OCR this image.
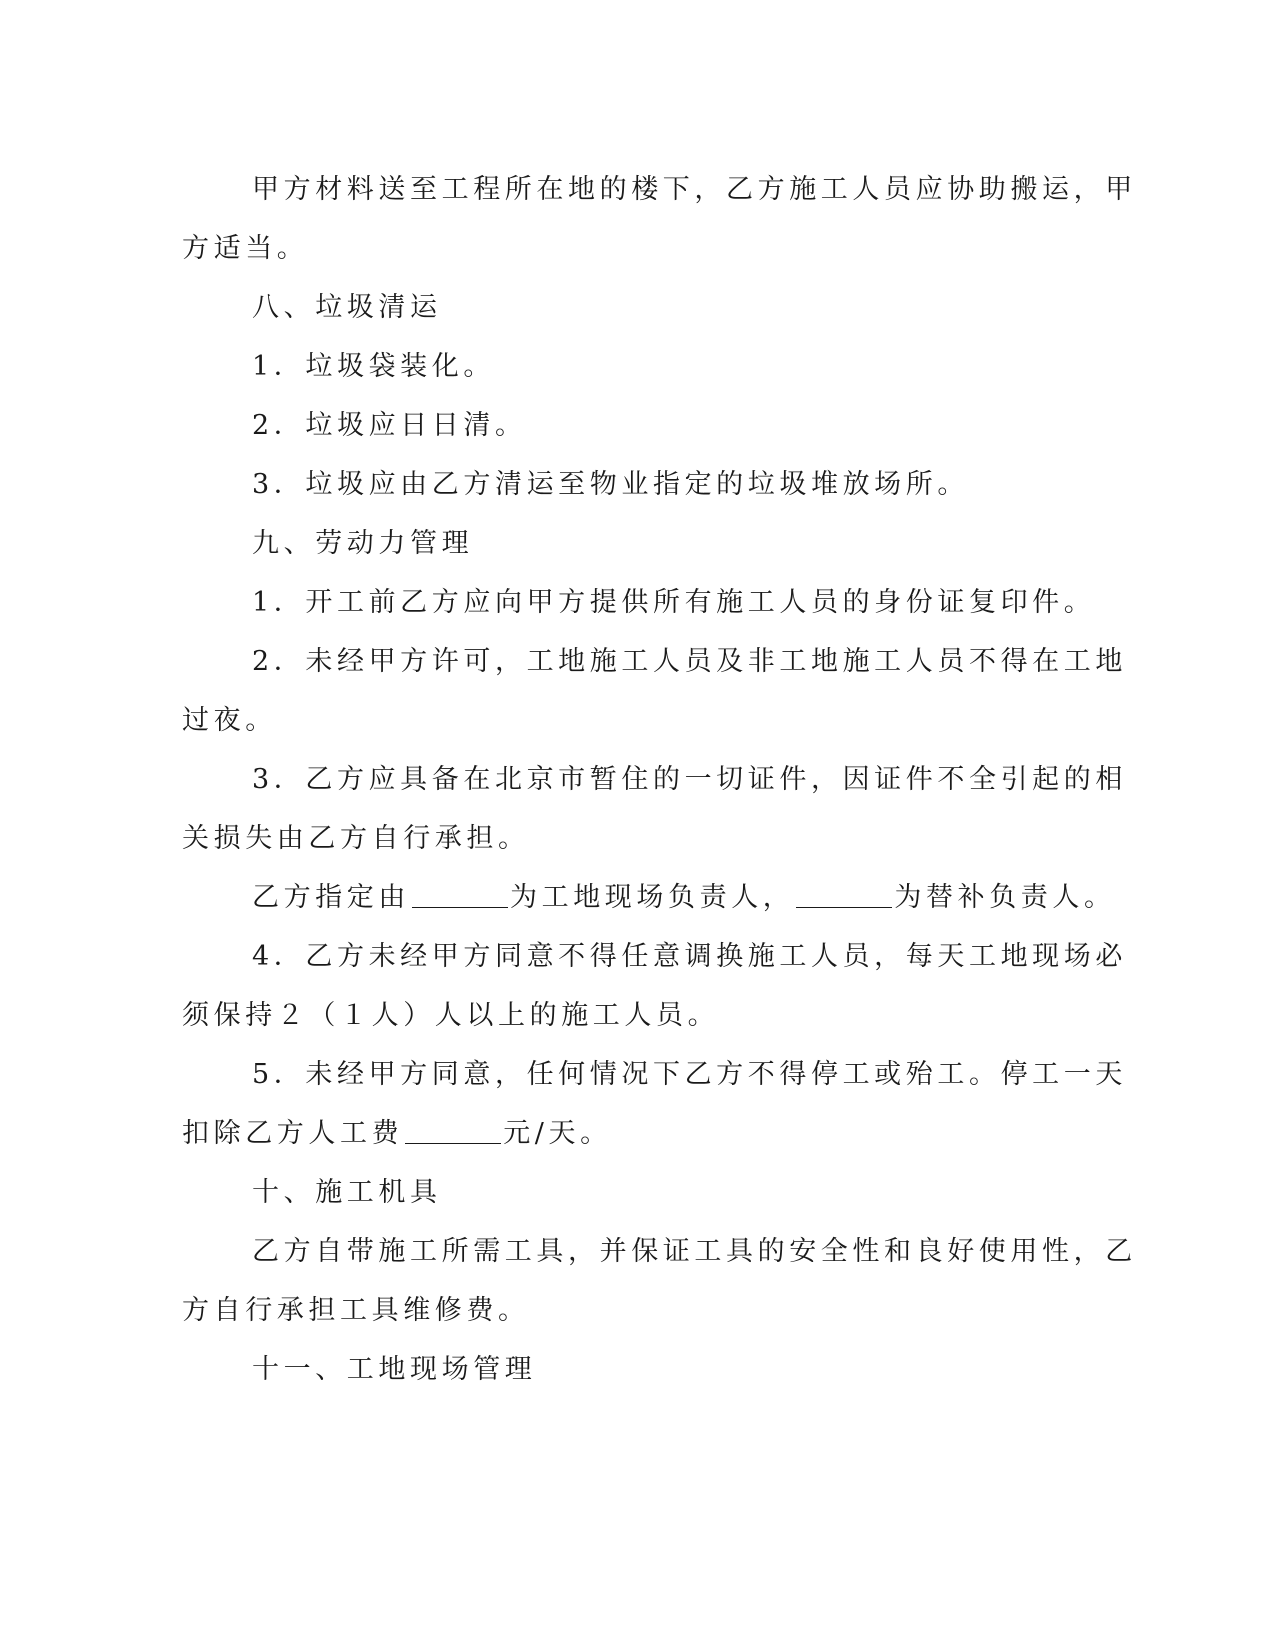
甲方材料送至工程所在地的楼下，乙方施工人员应协助搬运，甲
方适当。
八、垃圾清运
1．垃圾袋装化。
2．垃圾应日日清。
3．垃圾应由乙方清运至物业指定的垃圾堆放场所。
九、劳动力管理
1．开工前乙方应向甲方提供所有施工人员的身份证复印件。
2．未经甲方许可，工地施工人员及非工地施工人员不得在工地
过夜。
3．乙方应具备在北京市暂住的一切证件，因证件不全引起的相
关损失由乙方自行承担。
乙方指定由	为工地现场负责人，	为替补负责人。
4．乙方未经甲方同意不得任意调换施工人员，每天工地现场必
须保持２（１人）人以上的施工人员。
5．未经甲方同意，任何情况下乙方不得停工或殆工。停工一天
扣除乙方人工费	元/天。
十、施工机具
乙方自带施工所需工具，并保证工具的安全性和良好使用性，乙
方自行承担工具维修费。
十一、工地现场管理
